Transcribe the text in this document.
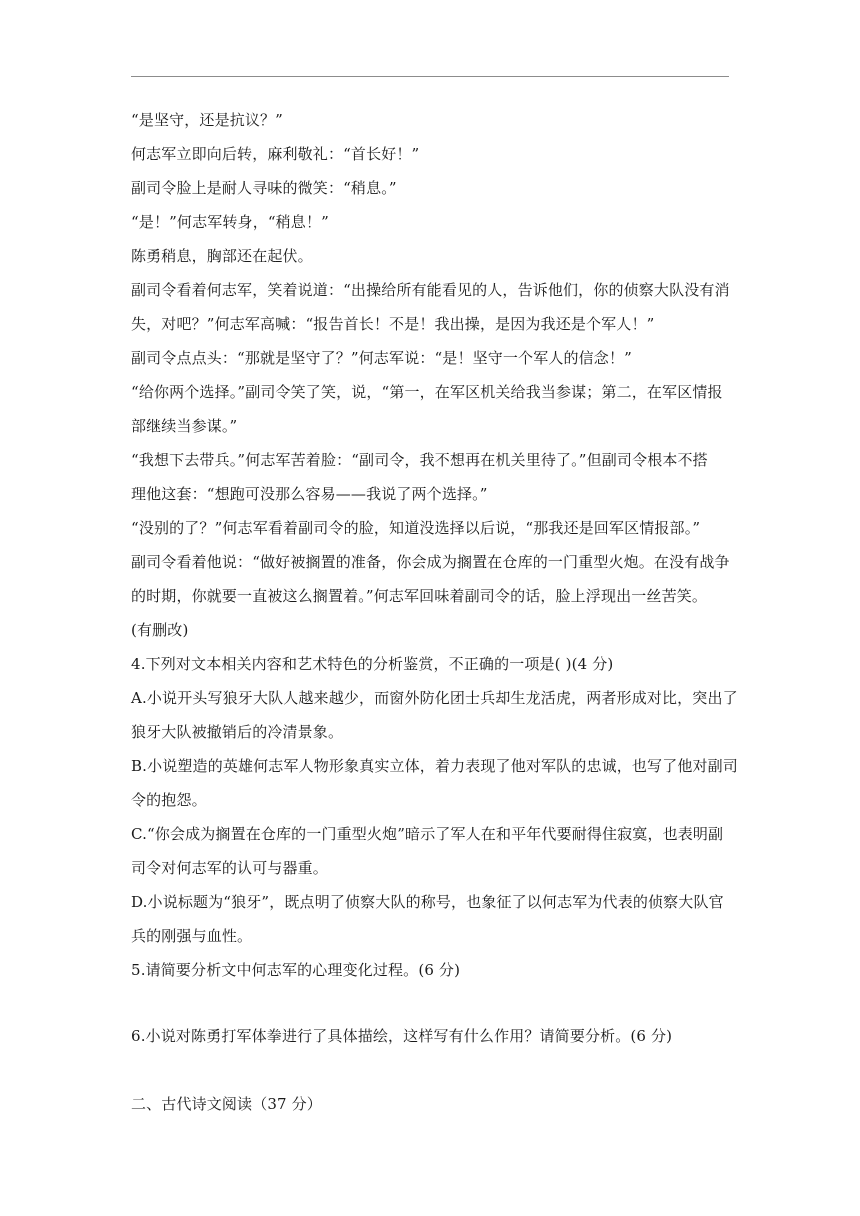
“是坚守，还是抗议？”
何志军立即向后转，麻利敬礼：“首长好！”
副司令脸上是耐人寻味的微笑：“稍息。”
“是！”何志军转身，“稍息！”
陈勇稍息，胸部还在起伏。
副司令看着何志军，笑着说道：“出操给所有能看见的人，告诉他们，你的侦察大队没有消
失，对吧？”何志军高喊：“报告首长！不是！我出操，是因为我还是个军人！”
副司令点点头：“那就是坚守了？”何志军说：“是！坚守一个军人的信念！”
“给你两个选择。”副司令笑了笑，说，“第一，在军区机关给我当参谋；第二，在军区情报
部继续当参谋。”
“我想下去带兵。”何志军苦着脸：“副司令，我不想再在机关里待了。”但副司令根本不搭
理他这套：“想跑可没那么容易——我说了两个选择。”
“没别的了？”何志军看着副司令的脸，知道没选择以后说，“那我还是回军区情报部。”
副司令看着他说：“做好被搁置的准备，你会成为搁置在仓库的一门重型火炮。在没有战争
的时期，你就要一直被这么搁置着。”何志军回味着副司令的话，脸上浮现出一丝苦笑。
(有删改)
4.下列对文本相关内容和艺术特色的分析鉴赏，不正确的一项是( )(4 分)
A.小说开头写狼牙大队人越来越少，而窗外防化团士兵却生龙活虎，两者形成对比，突出了
狼牙大队被撤销后的冷清景象。
B.小说塑造的英雄何志军人物形象真实立体，着力表现了他对军队的忠诚，也写了他对副司
令的抱怨。
C.“你会成为搁置在仓库的一门重型火炮”暗示了军人在和平年代要耐得住寂寞，也表明副
司令对何志军的认可与器重。
D.小说标题为“狼牙”，既点明了侦察大队的称号，也象征了以何志军为代表的侦察大队官
兵的刚强与血性。
5.请简要分析文中何志军的心理变化过程。(6 分)
6.小说对陈勇打军体拳进行了具体描绘，这样写有什么作用？请简要分析。(6 分)
二、古代诗文阅读（37 分）
